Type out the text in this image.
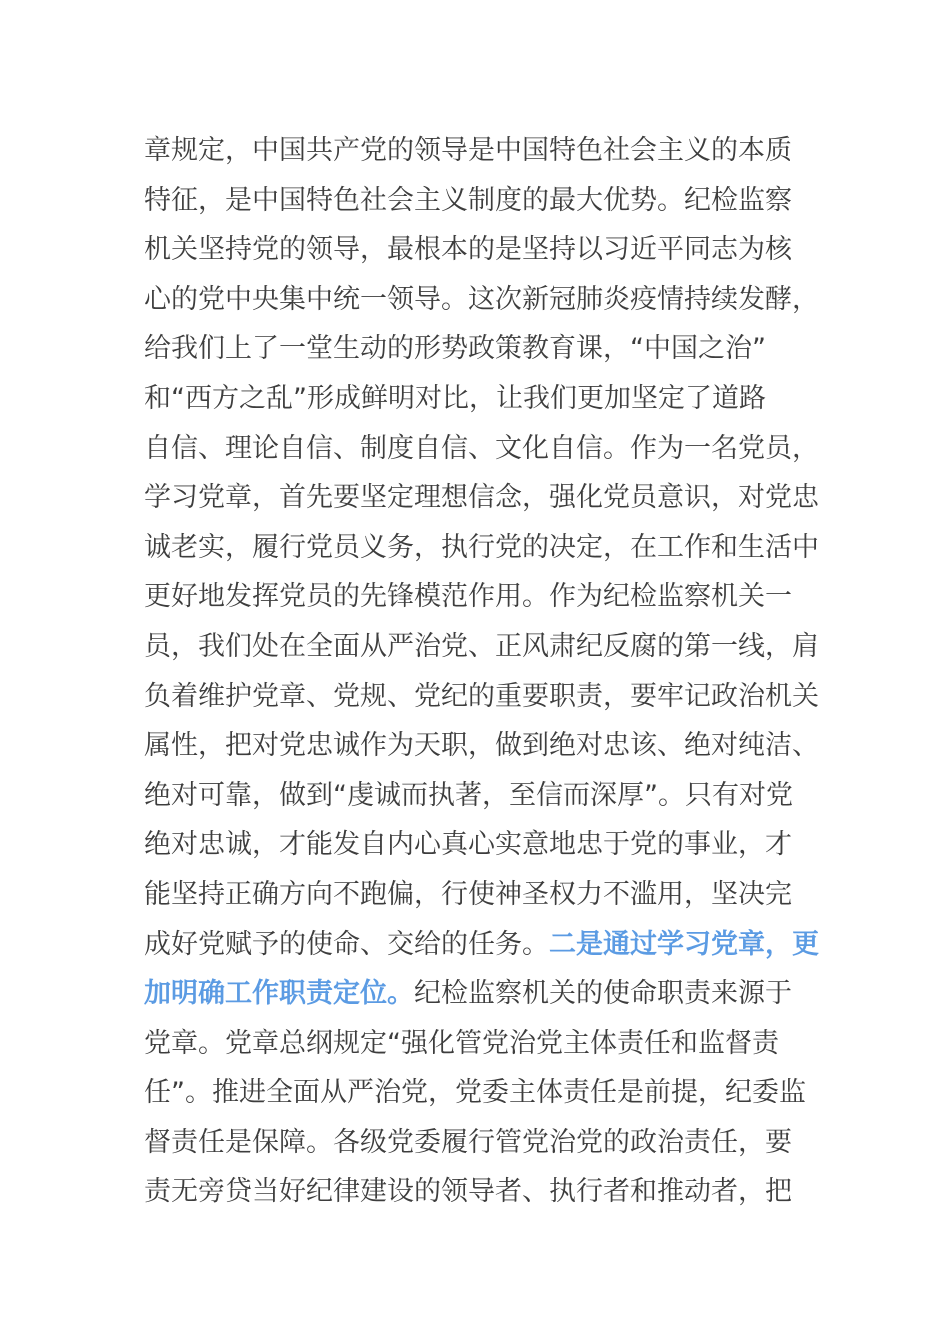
章规定，中国共产党的领导是中国特色社会主义的本质
特征，是中国特色社会主义制度的最大优势。纪检监察
机关坚持党的领导，最根本的是坚持以习近平同志为核
心的党中央集中统一领导。这次新冠肺炎疫情持续发酵，
给我们上了一堂生动的形势政策教育课，“中国之治”
和“西方之乱”形成鲜明对比，让我们更加坚定了道路
自信、理论自信、制度自信、文化自信。作为一名党员，
学习党章，首先要坚定理想信念，强化党员意识，对党忠
诚老实，履行党员义务，执行党的决定，在工作和生活中
更好地发挥党员的先锋模范作用。作为纪检监察机关一
员，我们处在全面从严治党、正风肃纪反腐的第一线，肩
负着维护党章、党规、党纪的重要职责，要牢记政治机关
属性，把对党忠诚作为天职，做到绝对忠该、绝对纯洁、
绝对可靠，做到“虔诚而执著，至信而深厚”。只有对党
绝对忠诚，才能发自内心真心实意地忠于党的事业，才
能坚持正确方向不跑偏，行使神圣权力不滥用，坚决完
成好党赋予的使命、交给的任务。二是通过学习党章，更
加明确工作职责定位。纪检监察机关的使命职责来源于
党章。党章总纲规定“强化管党治党主体责任和监督责
任”。推进全面从严治党，党委主体责任是前提，纪委监
督责任是保障。各级党委履行管党治党的政治责任，要
责无旁贷当好纪律建设的领导者、执行者和推动者，把
